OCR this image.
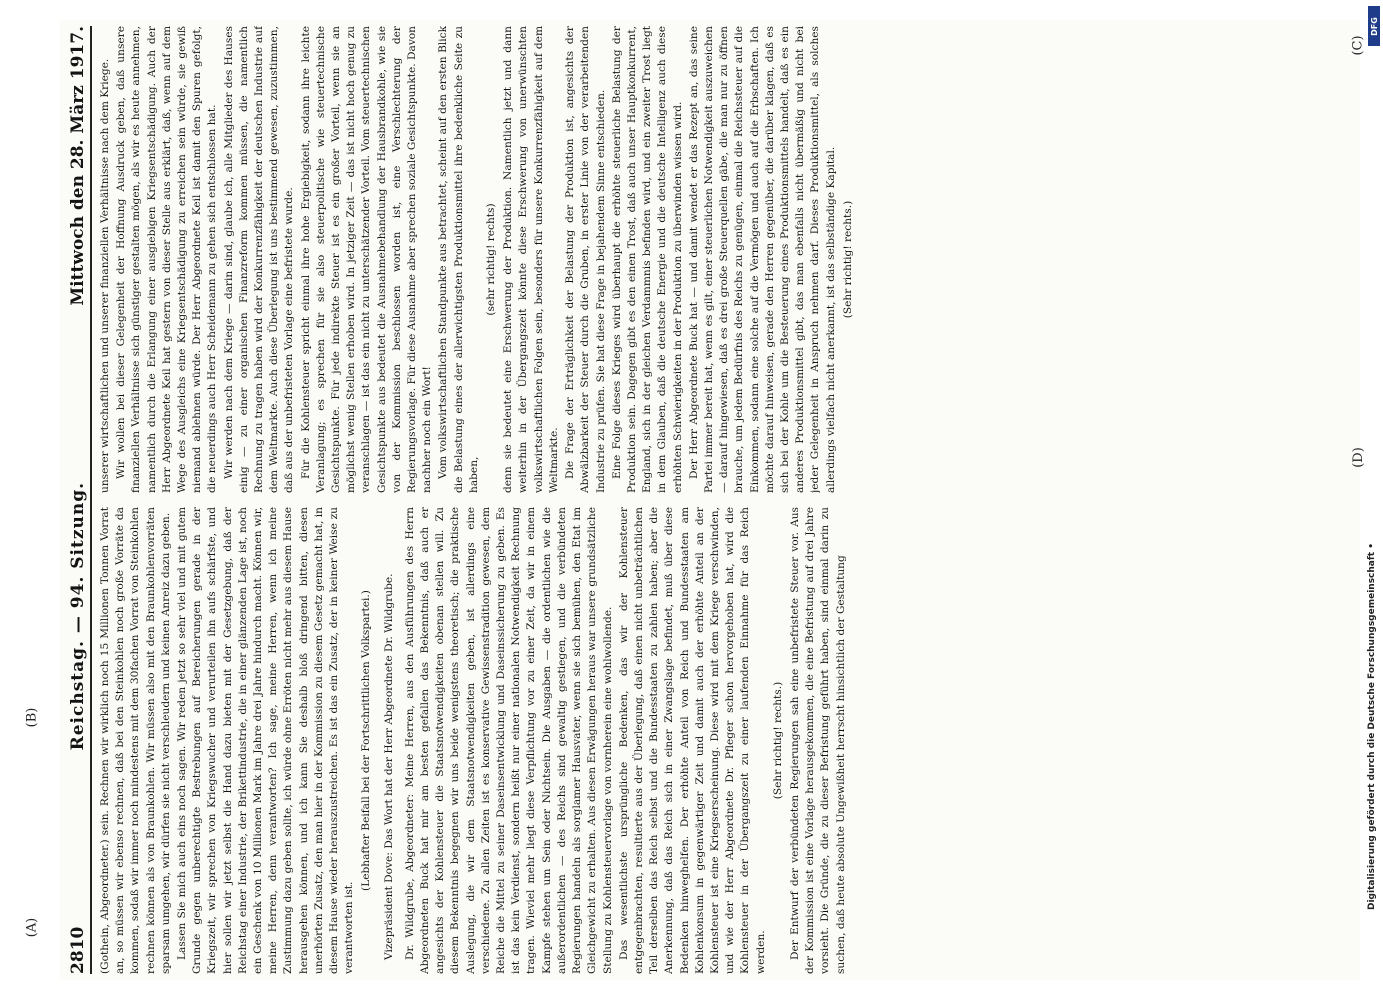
2810
Reichstag. — 94. Sitzung.
Mittwoch den 28. März 1917.

(Gothein, Abgeordneter.) sein. Rechnen wir wirklich noch 15 Millionen Tonnen Vorrat an, so müssen wir ebenso rechnen, daß bei den Steinkohlen noch große Vorräte da kommen, sodaß wir immer noch mindestens mit dem 30fachen Vorrat von Steinkohlen rechnen können als von Braunkohlen. Wir müssen also mit den Braunkohlenvorräten sparsam umgehen, wir dürfen sie nicht verschleudern und keinen Anreiz dazu geben. Lassen Sie mich auch eins noch sagen. Wir reden jetzt so sehr viel und mit gutem Grunde gegen unberechtigte Bestrebungen auf Bereicherungen gerade in der Kriegszeit, wir sprechen von Kriegswucher und verurteilen ihn aufs schärfste, und hier sollen wir jetzt selbst die Hand dazu bieten mit der Gesetzgebung, daß der Reichstag einer Industrie, der Brikettindustrie, die in einer glänzenden Lage ist, noch ein Geschenk von 10 Millionen Mark im Jahre drei Jahre hindurch macht. Können wir, meine Herren, denn verantworten? Ich sage, meine Herren, wenn ich meine Zustimmung dazu geben sollte, ich würde ohne Erröten nicht mehr aus diesem Hause herausgehen können, und ich kann Sie deshalb bloß dringend bitten, diesen unerhörten Zusatz, den man hier in der Kommission zu diesem Gesetz gemacht hat, in diesem Hause wieder herauszustreichen. Es ist das ein Zusatz, der in keiner Weise zu verantworten ist.

(Lebhafter Beifall bei der Fortschrittlichen Volkspartei.) Vizepräsident Dove: Das Wort hat der Herr Abgeordnete Dr. Wildgrube. Dr. Wildgrube, Abgeordneter: Meine Herren, aus den Ausführungen des Herrn Abgeordneten Buck hat mir am besten gefallen das Bekenntnis, daß auch er angesichts der Kohlensteuer die Staatsnotwendigkeiten obenan stellen will. Zu diesem Bekenntnis begegnen wir uns beide wenigstens theoretisch; die praktische Auslegung, die wir dem Staatsnotwendigkeiten geben, ist allerdings eine verschiedene. Zu allen Zeiten ist es konservative Gewissenstradition gewesen, dem Reiche die Mittel zu seiner Daseinsentwicklung und Daseinssicherung zu geben. Es ist das kein Verdienst, sondern heißt nur einer nationalen Notwendigkeit Rechnung tragen. Wieviel mehr liegt diese Verpflichtung vor zu einer Zeit, da wir in einem Kampfe stehen um Sein oder Nichtsein. Die Ausgaben — die ordentlichen wie die außerordentlichen — des Reichs sind gewaltig gestiegen, und die verbündeten Regierungen handeln als sorglamer Hausvater, wenn sie sich bemühen, den Etat im Gleichgewicht zu erhalten. Aus diesen Erwägungen heraus war unsere grundsätzliche Stellung zu Kohlensteuervorlage von vornherein eine wohlwollende. Das wesentlichste ursprüngliche Bedenken, das wir der Kohlensteuer entgegenbrachten, resultierte aus der Überlegung, daß einen nicht unbeträchtlichen Teil derselben das Reich selbst und die Bundesstaaten zu zahlen haben; aber die Anerkennung, daß das Reich sich in einer Zwangslage befindet, muß über diese Bedenken hinweghelfen. Der erhöhte Anteil von Reich und Bundesstaaten am Kohlenkonsum in gegenwärtiger Zeit und damit auch der erhöhte Anteil an der Kohlensteuer ist eine Kriegserscheinung. Diese wird mit dem Kriege verschwinden, und wie der Herr Abgeordnete Dr. Pfleger schon hervorgehoben hat, wird die Kohlensteuer in der Übergangszeit zu einer laufenden Einnahme für das Reich werden.

(Sehr richtig! rechts.) Der Entwurf der verbündeten Regierungen sah eine unbefristete Steuer vor. Aus der Kommission ist eine Vorlage herausgekommen, die eine Befristung auf drei Jahre vorsieht. Die Gründe, die zu dieser Befristung geführt haben, sind einmal darin zu suchen, daß heute absolute Ungewißheit herrscht hinsichtlich der Gestaltung

unserer wirtschaftlichen und unserer finanziellen Verhältnisse nach dem Kriege. Wir wollen bei dieser Gelegenheit der Hoffnung Ausdruck geben, daß unsere finanziellen Verhältnisse sich günstiger gestalten mögen, als wir es heute annehmen, namentlich durch die Erlangung einer ausgiebigen Kriegsentschädigung. Auch der Herr Abgeordnete Keil hat gestern von dieser Stelle aus erklärt, daß, wenn auf dem Wege des Ausgleichs eine Kriegsentschädigung zu erreichen sein würde, sie gewiß niemand ablehnen würde. Der Herr Abgeordnete Keil ist damit den Spuren gefolgt, die neuerdings auch Herr Scheidemann zu gehen sich entschlossen hat. Wir werden nach dem Kriege — darin sind, glaube ich, alle Mitglieder des Hauses einig — zu einer organischen Finanzreform kommen müssen, die namentlich Rechnung zu tragen haben wird der Konkurrenzfähigkeit der deutschen Industrie auf dem Weltmarkte. Auch diese Überlegung ist uns bestimmend gewesen, zuzustimmen, daß aus der unbefristeten Vorlage eine befristete wurde. Für die Kohlensteuer spricht einmal ihre hohe Ergiebigkeit, sodann ihre leichte Veranlagung; es sprechen für sie also steuerpolitische wie steuertechnische Gesichtspunkte. Für jede indirekte Steuer ist es ein großer Vorteil, wenn sie an möglichst wenig Stellen erhoben wird. In jetziger Zeit — das ist nicht hoch genug zu veranschlagen — ist das ein nicht zu unterschätzender Vorteil. Vom steuertechnischen Gesichtspunkte aus bedeutet die Ausnahmebehandlung der Hausbrandkohle, wie sie von der Kommission beschlossen worden ist, eine Verschlechterung der Regierungsvorlage. Für diese Ausnahme aber sprechen soziale Gesichtspunkte. Davon nachher noch ein Wort! Vom volkswirtschaftlichen Standpunkte aus betrachtet, scheint auf den ersten Blick die Belastung eines der allerwichtigsten Produktionsmittel ihre bedenkliche Seite zu haben,

(sehr richtig! rechts) denn sie bedeutet eine Erschwerung der Produktion. Namentlich jetzt und dann weiterhin in der Übergangszeit könnte diese Erschwerung von unerwünschten volkswirtschaftlichen Folgen sein, besonders für unsere Konkurrenzfähigkeit auf dem Weltmarkte. Die Frage der Erträglichkeit der Belastung der Produktion ist, angesichts der Abwälzbarkeit der Steuer durch die Gruben, in erster Linie von der verarbeitenden Industrie zu prüfen. Sie hat diese Frage in bejahendem Sinne entschieden. Eine Folge dieses Krieges wird überhaupt die erhöhte steuerliche Belastung der Produktion sein. Dagegen gibt es den einen Trost, daß auch unser Hauptkonkurrent, England, sich in der gleichen Verdammnis befinden wird, und ein zweiter Trost liegt in dem Glauben, daß die deutsche Energie und die deutsche Intelligenz auch diese erhöhten Schwierigkeiten in der Produktion zu überwinden wissen wird. Der Herr Abgeordnete Buck hat — und damit wendet er das Rezept an, das seine Partei immer bereit hat, wenn es gilt, einer steuerlichen Notwendigkeit auszuweichen — darauf hingewiesen, daß es drei große Steuerquellen gäbe, die man nur zu öffnen brauche, um jedem Bedürfnis des Reichs zu genügen, einmal die Reichssteuer auf die Einkommen, sodann eine solche auf die Vermögen und auch auf die Erbschaften. Ich möchte darauf hinweisen, gerade den Herren gegenüber, die darüber klagen, daß es sich bei der Kohle um die Besteuerung eines Produktionsmittels handelt, daß es ein anderes Produktionsmittel gibt, das man ebenfalls nicht übermäßig und nicht bei jeder Gelegenheit in Anspruch nehmen darf. Dieses Produktionsmittel, als solches allerdings vielfach nicht anerkannt, ist das selbständige Kapital. (Sehr richtig! rechts.)

(A)
(B)
(C)
(D)
DFG
Digitalisierung gefördert durch die Deutsche Forschungsgemeinschaft •
